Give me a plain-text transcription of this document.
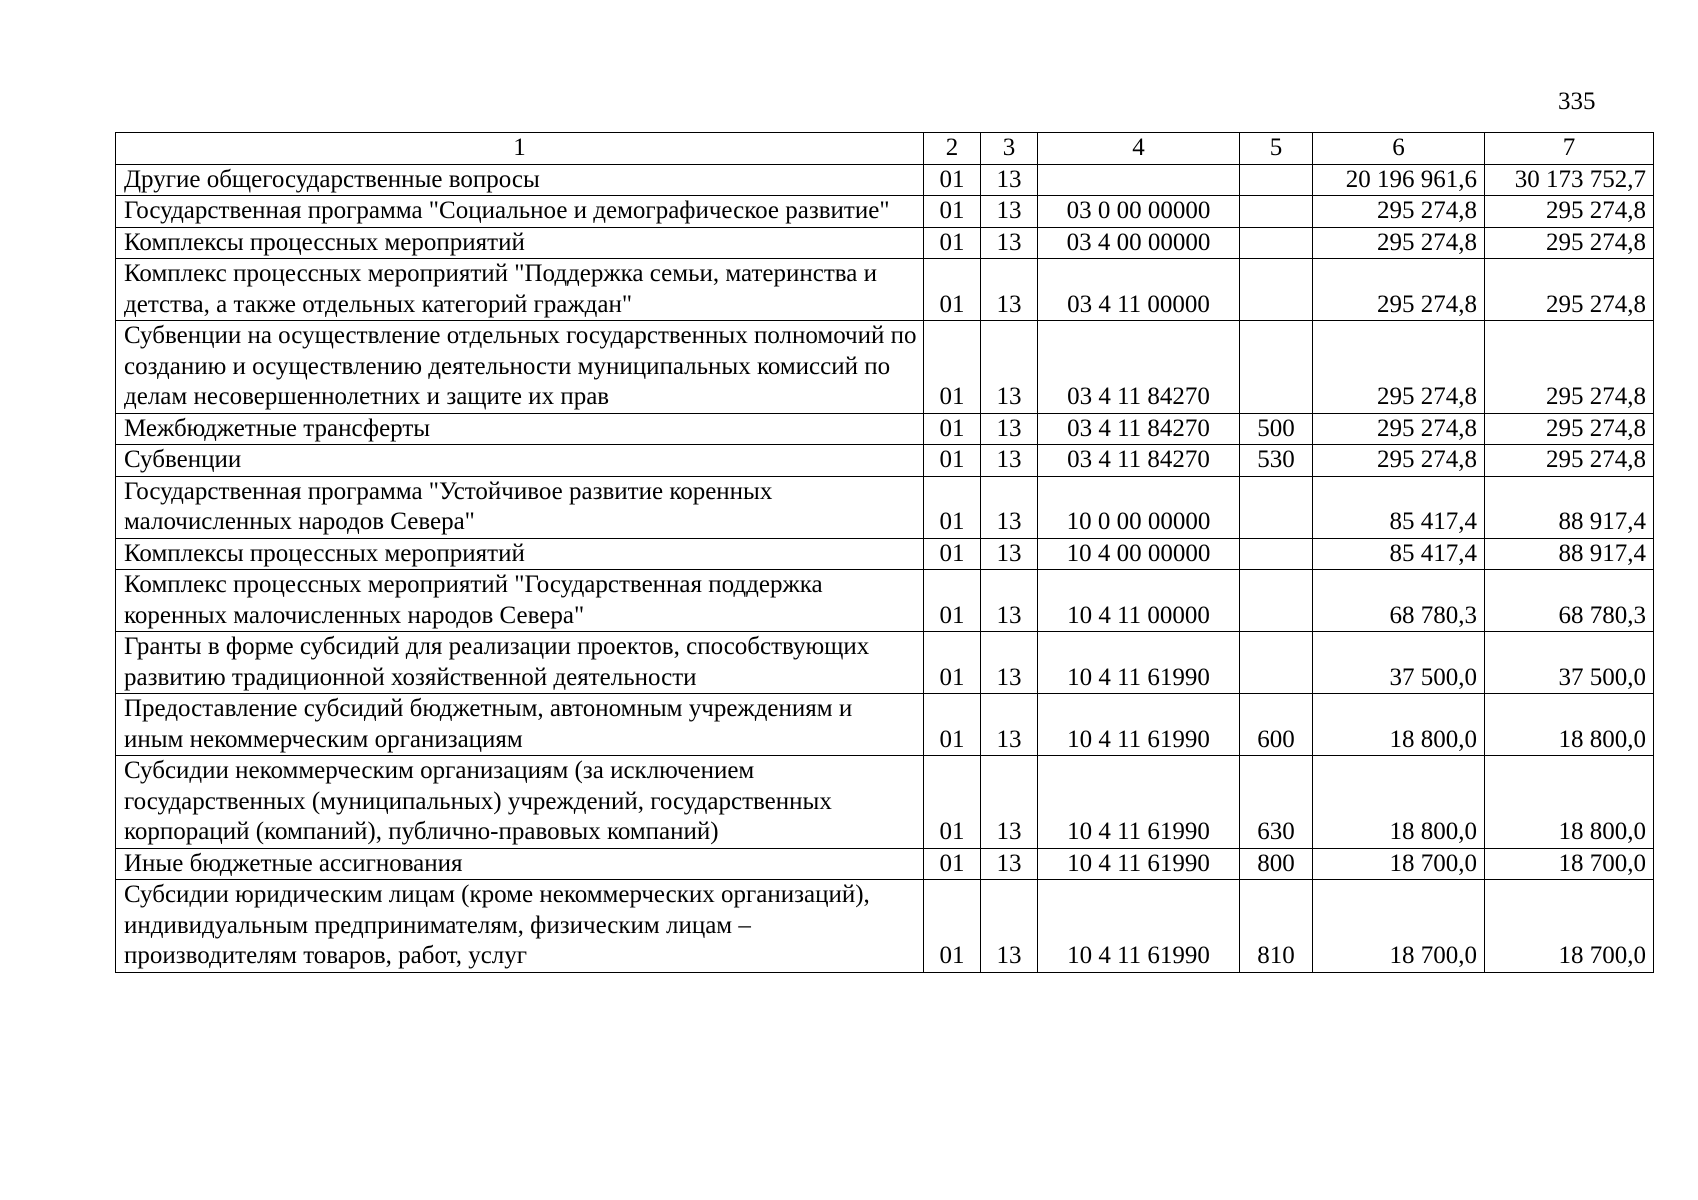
335
1	2	3	4	5	6	7
Другие общегосударственные вопросы	01	13			20 196 961,6	30 173 752,7
Государственная программа "Социальное и демографическое развитие"	01	13	03 0 00 00000		295 274,8	295 274,8
Комплексы процессных мероприятий	01	13	03 4 00 00000		295 274,8	295 274,8
Комплекс процессных мероприятий "Поддержка семьи, материнства и детства, а также отдельных категорий граждан"	01	13	03 4 11 00000		295 274,8	295 274,8
Субвенции на осуществление отдельных государственных полномочий по созданию и осуществлению деятельности муниципальных комиссий по делам несовершеннолетних и защите их прав	01	13	03 4 11 84270		295 274,8	295 274,8
Межбюджетные трансферты	01	13	03 4 11 84270	500	295 274,8	295 274,8
Субвенции	01	13	03 4 11 84270	530	295 274,8	295 274,8
Государственная программа "Устойчивое развитие коренных малочисленных народов Севера"	01	13	10 0 00 00000		85 417,4	88 917,4
Комплексы процессных мероприятий	01	13	10 4 00 00000		85 417,4	88 917,4
Комплекс процессных мероприятий "Государственная поддержка коренных малочисленных народов Севера"	01	13	10 4 11 00000		68 780,3	68 780,3
Гранты в форме субсидий для реализации проектов, способствующих развитию традиционной хозяйственной деятельности	01	13	10 4 11 61990		37 500,0	37 500,0
Предоставление субсидий бюджетным, автономным учреждениям и иным некоммерческим организациям	01	13	10 4 11 61990	600	18 800,0	18 800,0
Субсидии некоммерческим организациям (за исключением государственных (муниципальных) учреждений, государственных корпораций (компаний), публично-правовых компаний)	01	13	10 4 11 61990	630	18 800,0	18 800,0
Иные бюджетные ассигнования	01	13	10 4 11 61990	800	18 700,0	18 700,0
Субсидии юридическим лицам (кроме некоммерческих организаций), индивидуальным предпринимателям, физическим лицам – производителям товаров, работ, услуг	01	13	10 4 11 61990	810	18 700,0	18 700,0
